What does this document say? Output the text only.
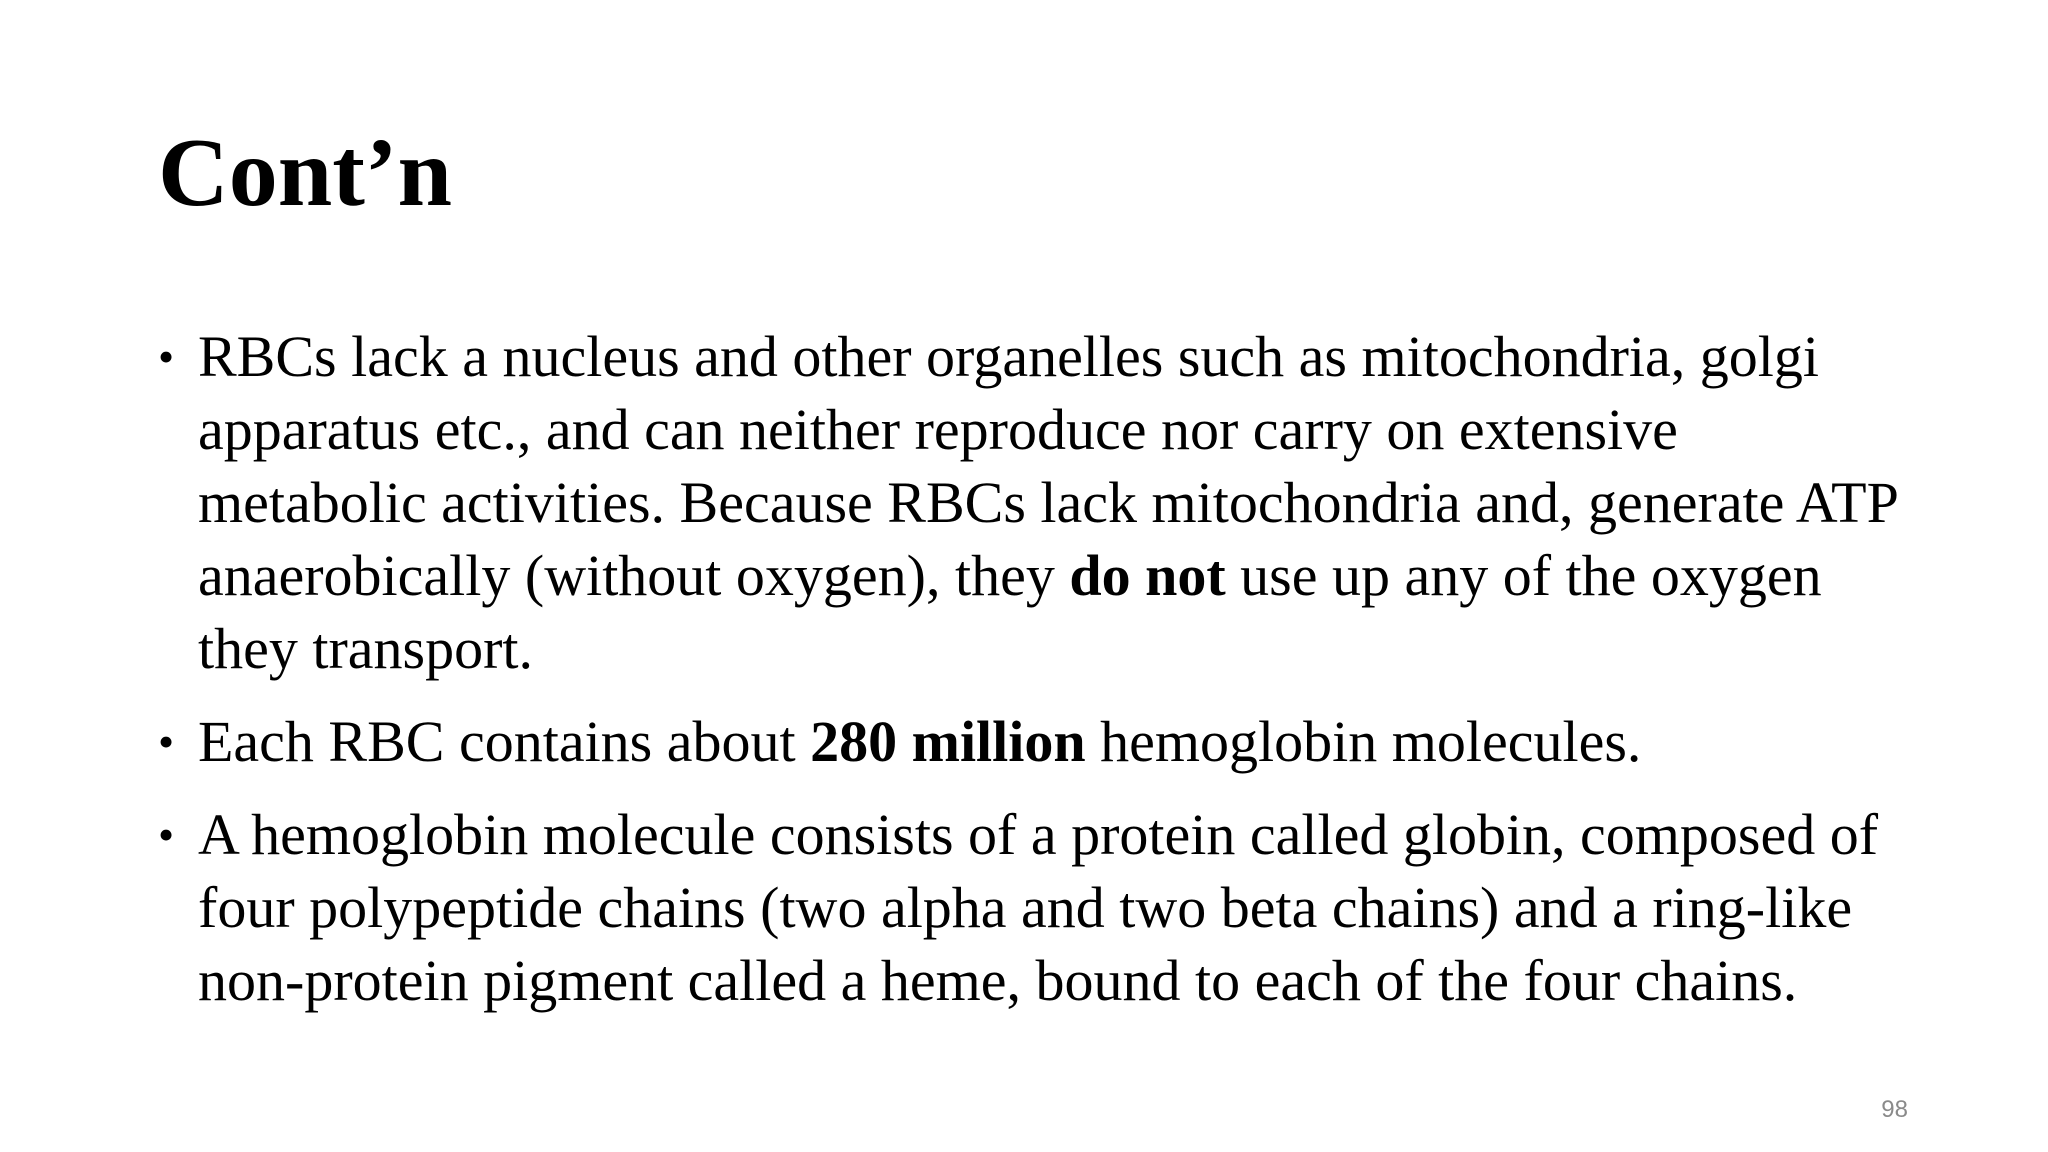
Cont’n
• RBCs lack a nucleus and other organelles such as mitochondria, golgi apparatus etc., and can neither reproduce nor carry on extensive metabolic activities. Because RBCs lack mitochondria and, generate ATP anaerobically (without oxygen), they do not use up any of the oxygen they transport.
• Each RBC contains about 280 million hemoglobin molecules.
• A hemoglobin molecule consists of a protein called globin, composed of four polypeptide chains (two alpha and two beta chains) and a ring-like non-protein pigment called a heme, bound to each of the four chains.
98
